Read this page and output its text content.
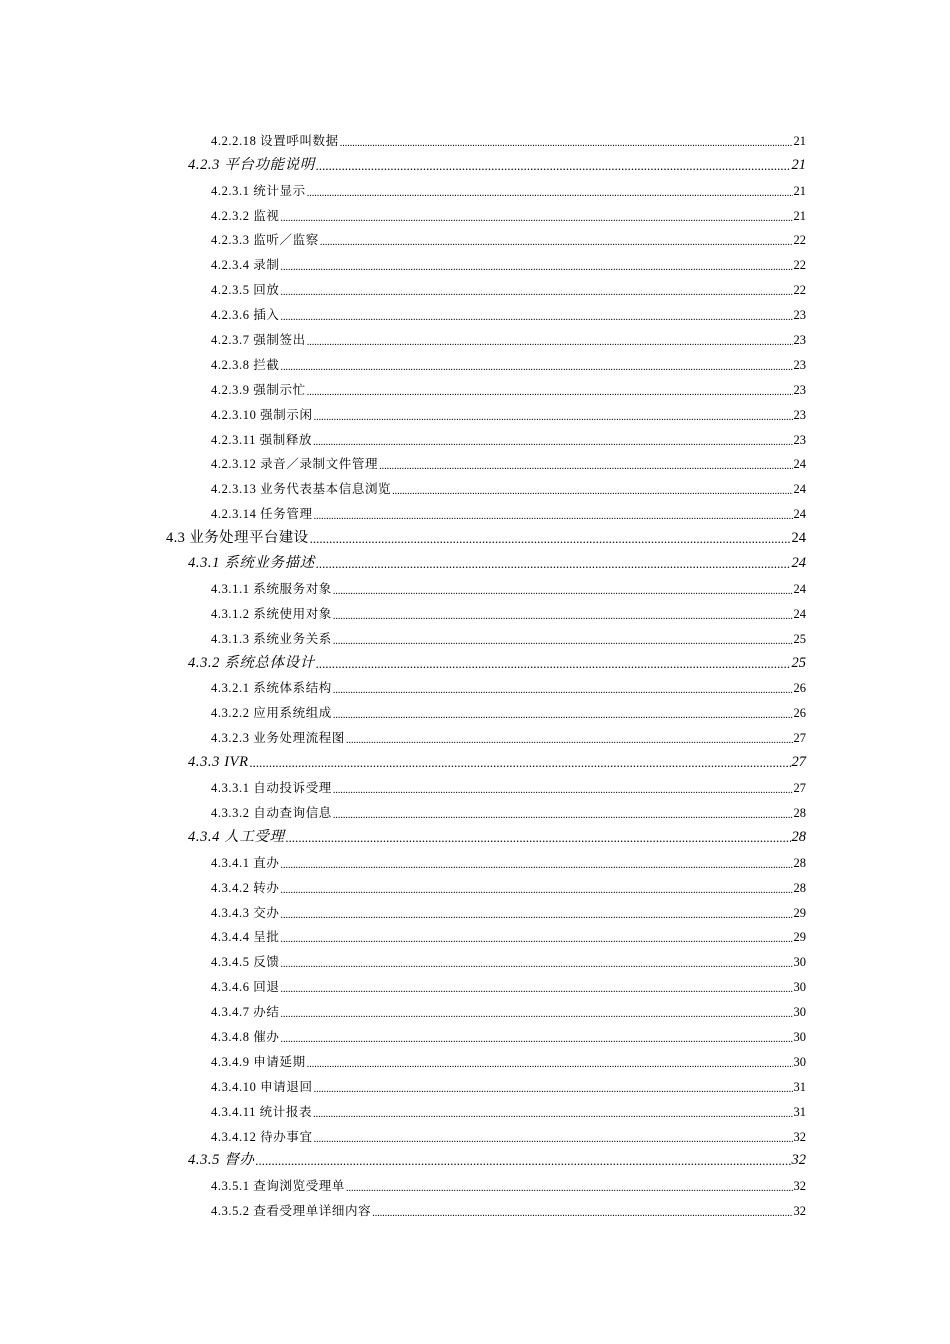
4.2.2.18 设置呼叫数据 .....	21
4.2.3 平台功能说明 .....	21
4.2.3.1 统计显示 .....	21
4.2.3.2 监视 .....	21
4.2.3.3 监听／监察 .....	22
4.2.3.4 录制 .....	22
4.2.3.5 回放 .....	22
4.2.3.6 插入 .....	23
4.2.3.7 强制签出 .....	23
4.2.3.8 拦截 .....	23
4.2.3.9 强制示忙 .....	23
4.2.3.10 强制示闲 .....	23
4.2.3.11 强制释放 .....	23
4.2.3.12 录音／录制文件管理 .....	24
4.2.3.13 业务代表基本信息浏览 .....	24
4.2.3.14 任务管理 .....	24
4.3 业务处理平台建设 .....	24
4.3.1 系统业务描述 .....	24
4.3.1.1 系统服务对象 .....	24
4.3.1.2 系统使用对象 .....	24
4.3.1.3 系统业务关系 .....	25
4.3.2 系统总体设计 .....	25
4.3.2.1 系统体系结构 .....	26
4.3.2.2 应用系统组成 .....	26
4.3.2.3 业务处理流程图 .....	27
4.3.3 IVR .....	27
4.3.3.1 自动投诉受理 .....	27
4.3.3.2 自动查询信息 .....	28
4.3.4 人工受理 .....	28
4.3.4.1 直办 .....	28
4.3.4.2 转办 .....	28
4.3.4.3 交办 .....	29
4.3.4.4 呈批 .....	29
4.3.4.5 反馈 .....	30
4.3.4.6 回退 .....	30
4.3.4.7 办结 .....	30
4.3.4.8 催办 .....	30
4.3.4.9 申请延期 .....	30
4.3.4.10 申请退回 .....	31
4.3.4.11 统计报表 .....	31
4.3.4.12 待办事宜 .....	32
4.3.5 督办 .....	32
4.3.5.1 查询浏览受理单 .....	32
4.3.5.2 查看受理单详细内容 .....	32
